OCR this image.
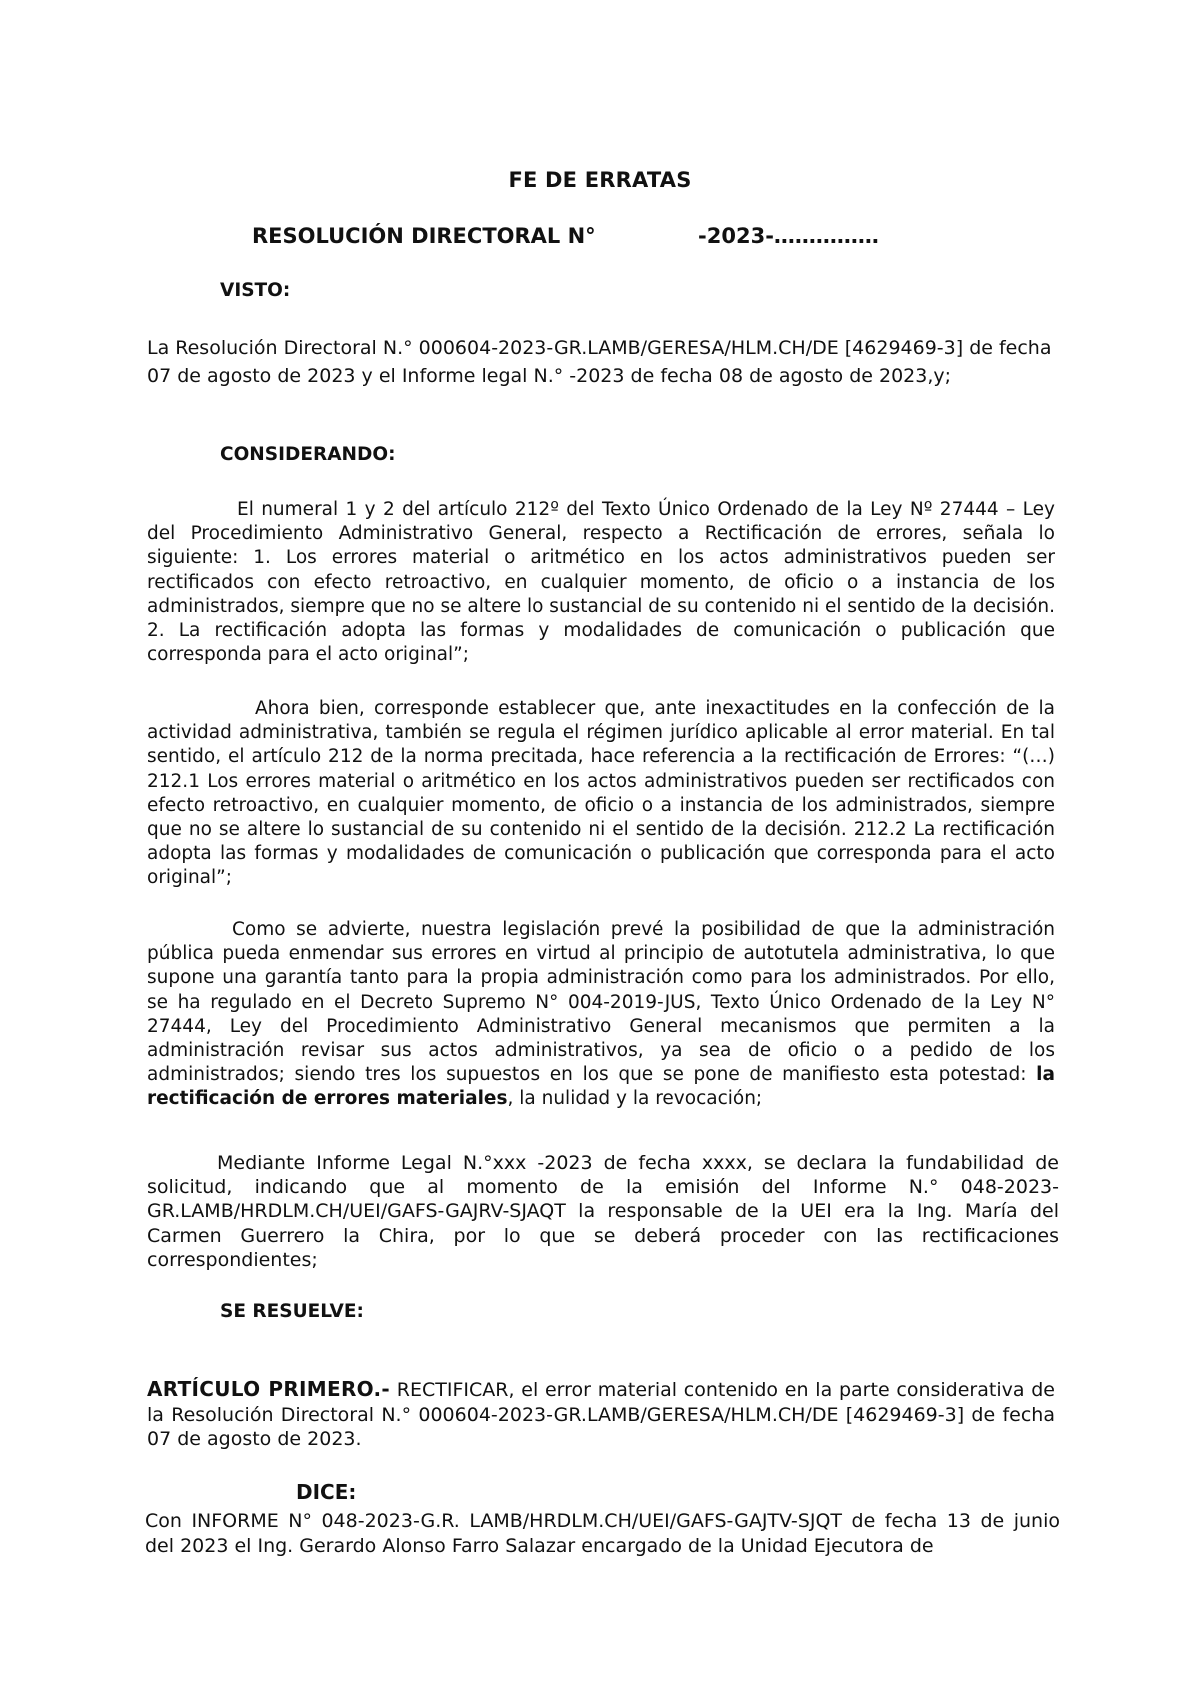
FE DE ERRATAS
RESOLUCIÓN DIRECTORAL N°              -2023-……………
VISTO:
La Resolución Directoral N.° 000604-2023-GR.LAMB/GERESA/HLM.CH/DE [4629469-3] de fecha 07 de agosto de 2023 y el Informe legal N.° -2023 de fecha 08 de agosto de 2023,y;
CONSIDERANDO:
El numeral 1 y 2 del artículo 212º del Texto Único Ordenado de la Ley Nº 27444 – Ley del Procedimiento Administrativo General, respecto a Rectificación de errores, señala lo siguiente: 1. Los errores material o aritmético en los actos administrativos pueden ser rectificados con efecto retroactivo, en cualquier momento, de oficio o a instancia de los administrados, siempre que no se altere lo sustancial de su contenido ni el sentido de la decisión. 2. La rectificación adopta las formas y modalidades de comunicación o publicación que corresponda para el acto original”;
Ahora bien, corresponde establecer que, ante inexactitudes en la confección de la actividad administrativa, también se regula el régimen jurídico aplicable al error material. En tal sentido, el artículo 212 de la norma precitada, hace referencia a la rectificación de Errores: “(…) 212.1 Los errores material o aritmético en los actos administrativos pueden ser rectificados con efecto retroactivo, en cualquier momento, de oficio o a instancia de los administrados, siempre que no se altere lo sustancial de su contenido ni el sentido de la decisión. 212.2 La rectificación adopta las formas y modalidades de comunicación o publicación que corresponda para el acto original”;
Como se advierte, nuestra legislación prevé la posibilidad de que la administración pública pueda enmendar sus errores en virtud al principio de autotutela administrativa, lo que supone una garantía tanto para la propia administración como para los administrados. Por ello, se ha regulado en el Decreto Supremo N° 004-2019-JUS, Texto Único Ordenado de la Ley N° 27444, Ley del Procedimiento Administrativo General mecanismos que permiten a la administración revisar sus actos administrativos, ya sea de oficio o a pedido de los administrados; siendo tres los supuestos en los que se pone de manifiesto esta potestad: la rectificación de errores materiales, la nulidad y la revocación;
Mediante Informe Legal N.°xxx -2023 de fecha xxxx, se declara la fundabilidad de solicitud, indicando que al momento de la emisión del Informe N.° 048-2023-GR.LAMB/HRDLM.CH/UEI/GAFS-GAJRV-SJAQT la responsable de la UEI era la Ing. María del Carmen Guerrero la Chira, por lo que se deberá proceder con las rectificaciones correspondientes;
SE RESUELVE:
ARTÍCULO PRIMERO.- RECTIFICAR, el error material contenido en la parte considerativa de la Resolución Directoral N.° 000604-2023-GR.LAMB/GERESA/HLM.CH/DE [4629469-3] de fecha 07 de agosto de 2023.
DICE:
Con INFORME N° 048-2023-G.R. LAMB/HRDLM.CH/UEI/GAFS-GAJTV-SJQT de fecha 13 de junio del 2023 el Ing. Gerardo Alonso Farro Salazar encargado de la Unidad Ejecutora de
